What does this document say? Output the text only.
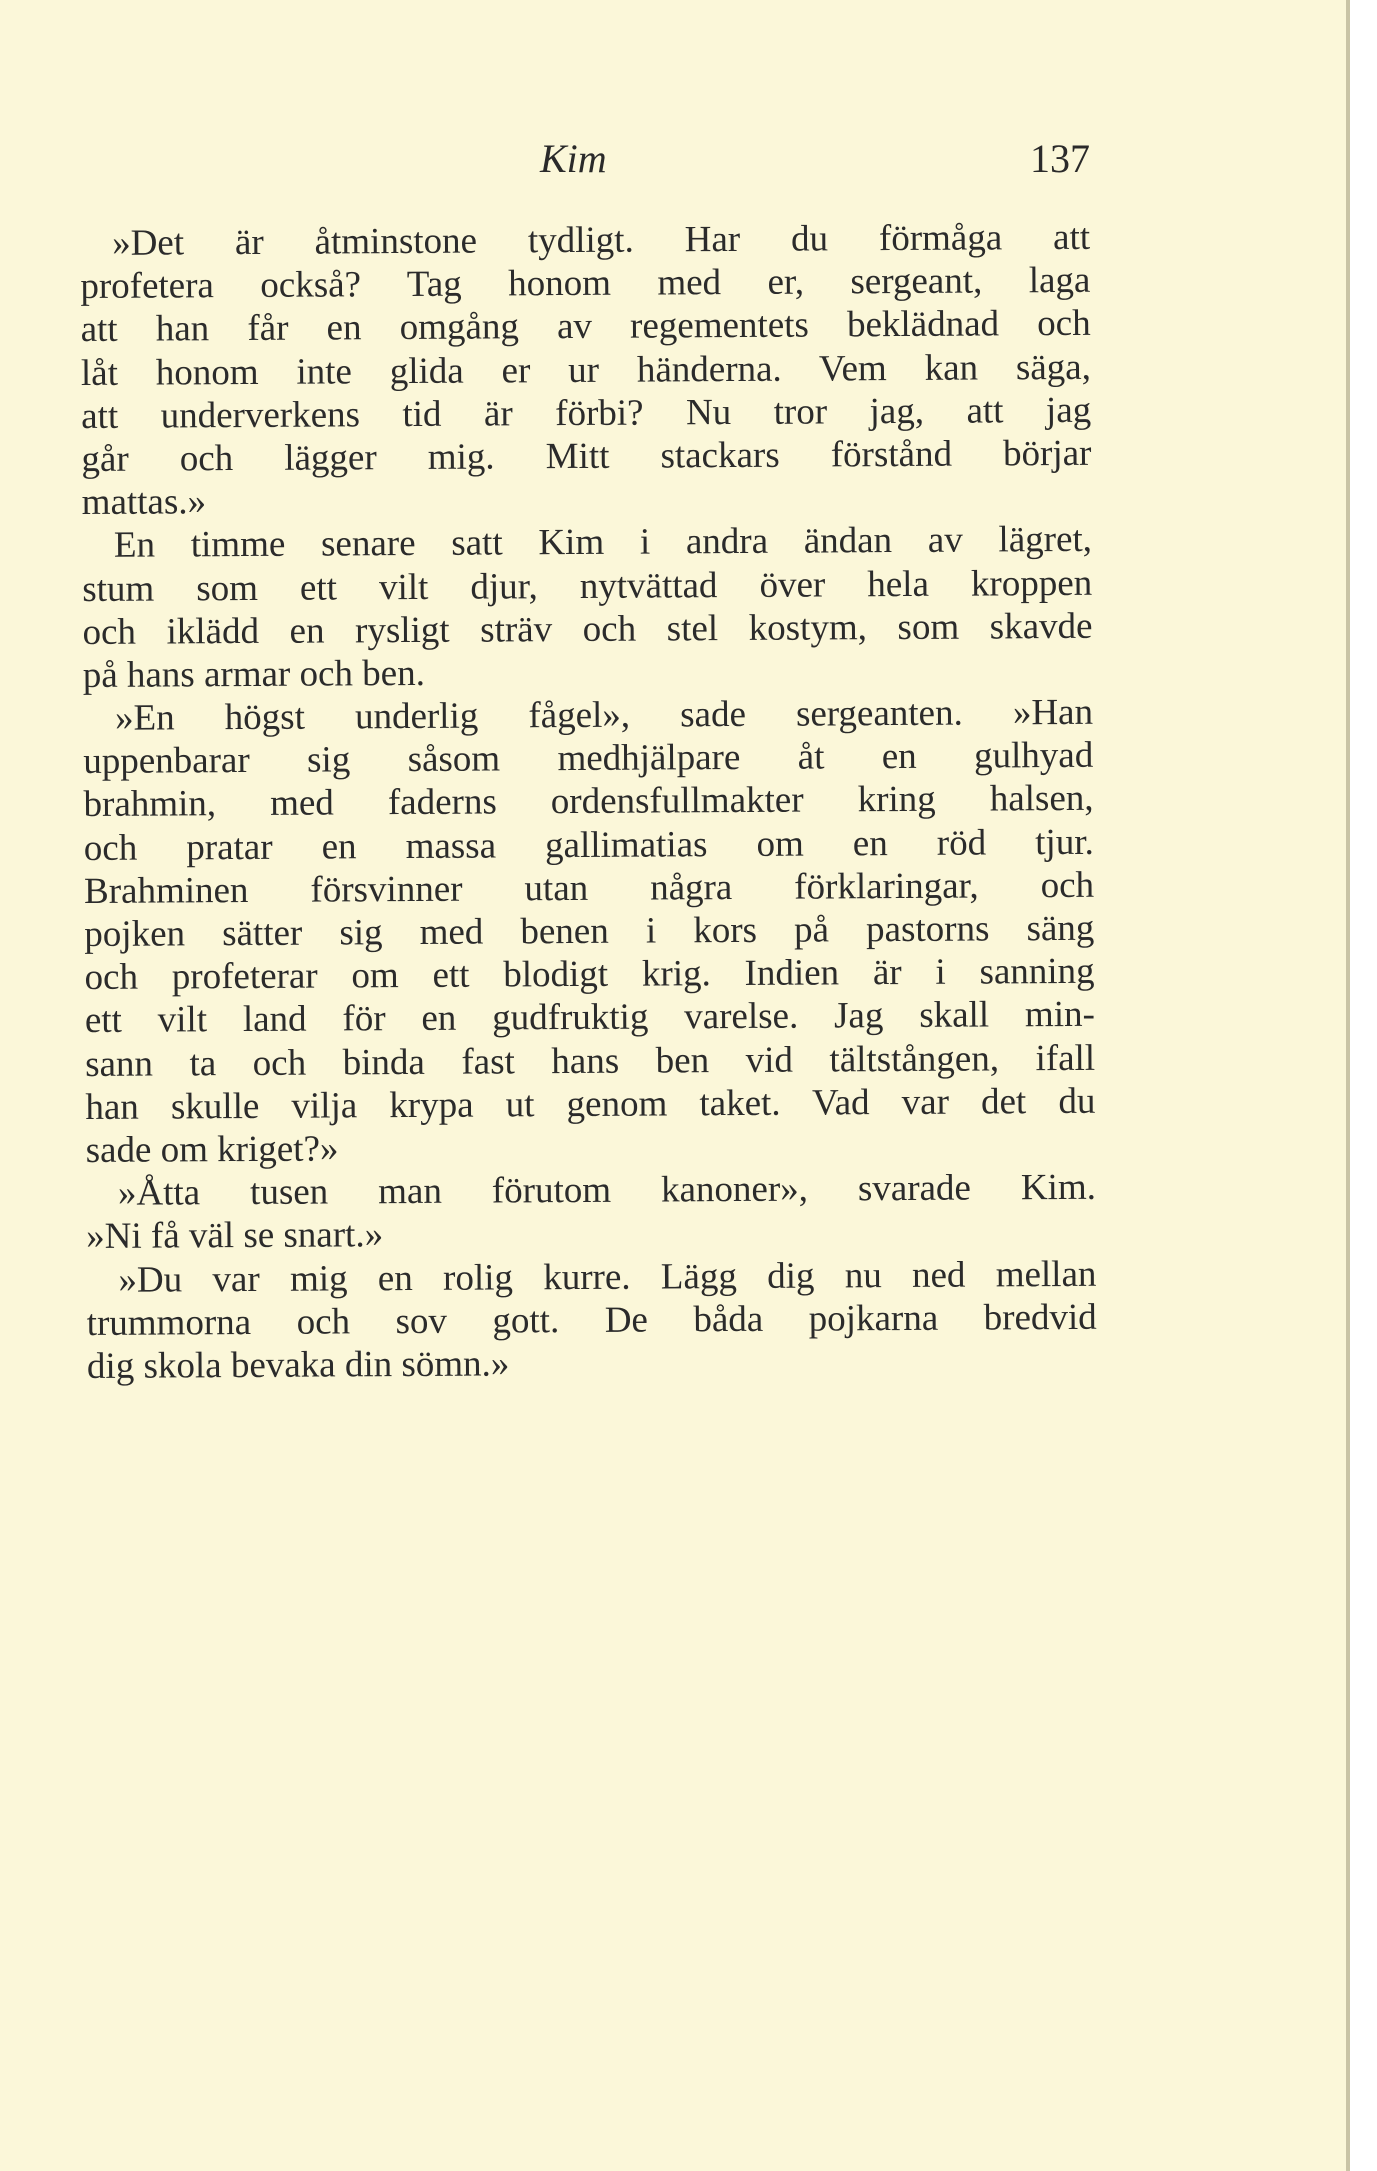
Kim	137
»Det är åtminstone tydligt. Har du förmåga att
profetera också? Tag honom med er, sergeant, laga
att han får en omgång av regementets beklädnad och
låt honom inte glida er ur händerna. Vem kan säga,
att underverkens tid är förbi? Nu tror jag, att jag
går och lägger mig. Mitt stackars förstånd börjar
mattas.»
En timme senare satt Kim i andra ändan av lägret,
stum som ett vilt djur, nytvättad över hela kroppen
och iklädd en rysligt sträv och stel kostym, som skavde
på hans armar och ben.
»En högst underlig fågel», sade sergeanten. »Han
uppenbarar sig såsom medhjälpare åt en gulhyad
brahmin, med faderns ordensfullmakter kring halsen,
och pratar en massa gallimatias om en röd tjur.
Brahminen försvinner utan några förklaringar, och
pojken sätter sig med benen i kors på pastorns säng
och profeterar om ett blodigt krig. Indien är i sanning
ett vilt land för en gudfruktig varelse. Jag skall min-
sann ta och binda fast hans ben vid tältstången, ifall
han skulle vilja krypa ut genom taket. Vad var det du
sade om kriget?»
»Åtta tusen man förutom kanoner», svarade Kim.
»Ni få väl se snart.»
»Du var mig en rolig kurre. Lägg dig nu ned mellan
trummorna och sov gott. De båda pojkarna bredvid
dig skola bevaka din sömn.»
